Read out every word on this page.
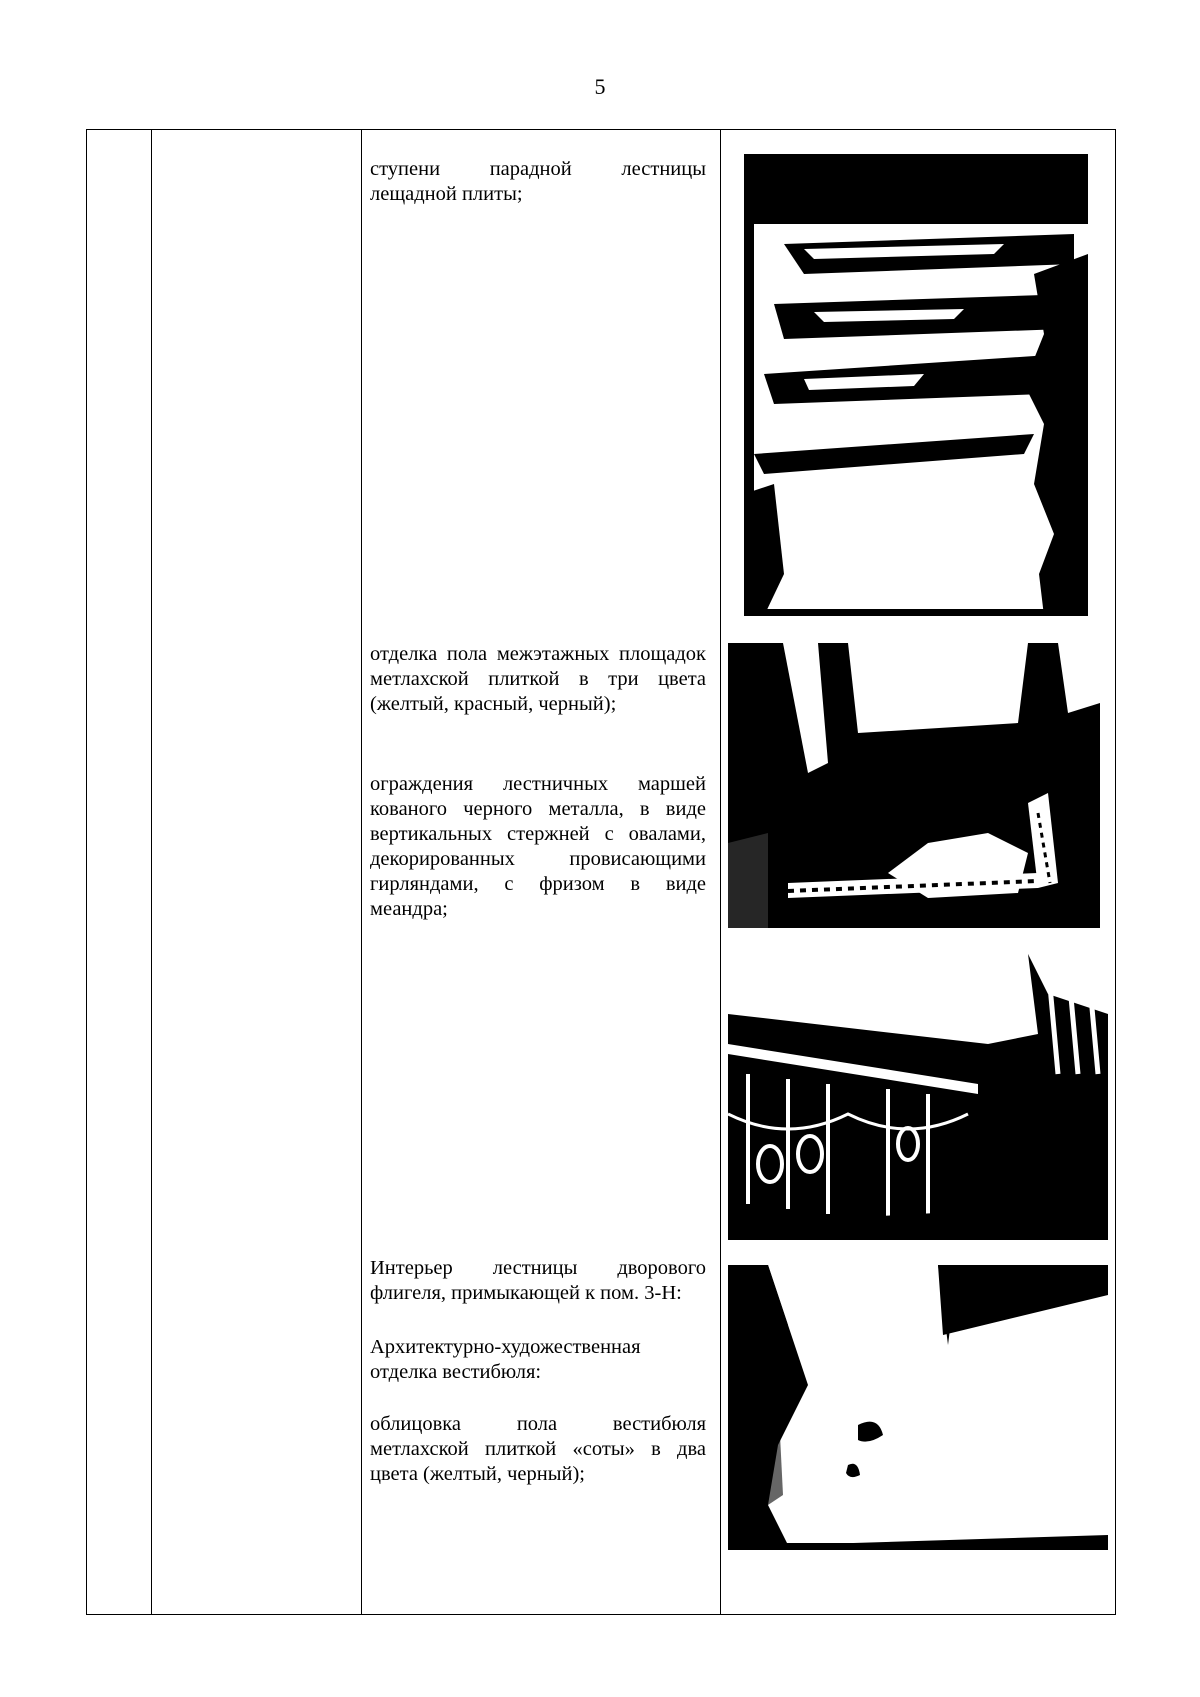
5

ступени парадной лестницы лещадной плиты;

отделка пола межэтажных площадок метлахской плиткой в три цвета (желтый, красный, черный);

ограждения лестничных маршей кованого черного металла, в виде вертикальных стержней с овалами, декорированных провисающими гирляндами, с фризом в виде меандра;

Интерьер лестницы дворового флигеля, примыкающей к пом. 3-Н:

Архитектурно-художественная отделка вестибюля:

облицовка пола вестибюля метлахской плиткой «соты» в два цвета (желтый, черный);
